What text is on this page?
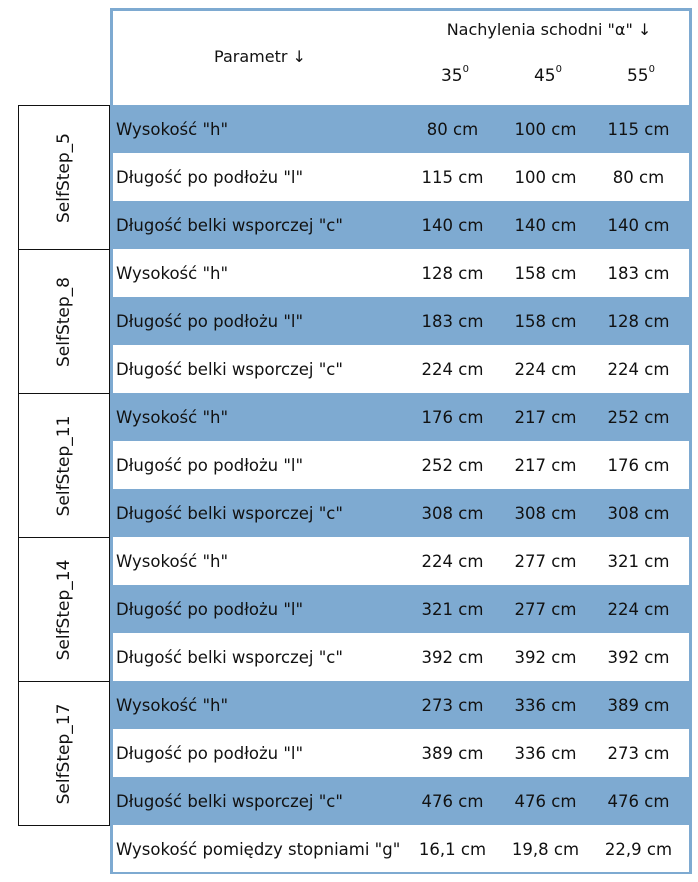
Parametr ↓
Nachylenia schodni "α" ↓
$35^0$	$45^0$	$55^0$
SelfStep_5
Wysokość "h"	80 cm	100 cm	115 cm
Długość po podłożu "l"	115 cm	100 cm	80 cm
Długość belki wsporczej "c"	140 cm	140 cm	140 cm
SelfStep_8
Wysokość "h"	128 cm	158 cm	183 cm
Długość po podłożu "l"	183 cm	158 cm	128 cm
Długość belki wsporczej "c"	224 cm	224 cm	224 cm
SelfStep_11	Wysokość "h"	176 cm	217 cm	252 cm
Długość po podłożu "l"	252 cm	217 cm	176 cm
Długość belki wsporczej "c"	308 cm	308 cm	308 cm
SelfStep_14	Wysokość "h"	224 cm	277 cm	321 cm
Długość po podłożu "l"	321 cm	277 cm	224 cm
Długość belki wsporczej "c"	392 cm	392 cm	392 cm
SelfStep_17	Wysokość "h"	273 cm	336 cm	389 cm
Długość po podłożu "l"	389 cm	336 cm	273 cm
Długość belki wsporczej "c"	476 cm	476 cm	476 cm
Wysokość pomiędzy stopniami "g"	16,1 cm	19,8 cm	22,9 cm
